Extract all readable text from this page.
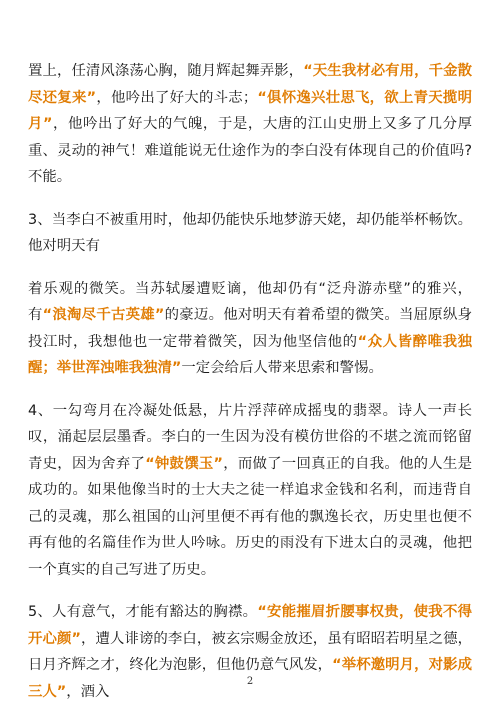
置上，任清风涤荡心胸，随月辉起舞弄影，“天生我材必有用，千金散尽还复来”，他吟出了好大的斗志；“俱怀逸兴壮思飞，欲上青天揽明月”，他吟出了好大的气魄，于是，大唐的江山史册上又多了几分厚重、灵动的神气！难道能说无仕途作为的李白没有体现自己的价值吗?不能。

3、当李白不被重用时，他却仍能快乐地梦游天姥，却仍能举杯畅饮。他对明天有

着乐观的微笑。当苏轼屡遭贬谪，他却仍有“泛舟游赤壁”的雅兴，有“浪淘尽千古英雄”的豪迈。他对明天有着希望的微笑。当屈原纵身投江时，我想他也一定带着微笑，因为他坚信他的“众人皆醉唯我独醒；举世浑浊唯我独清”一定会给后人带来思索和警惕。

4、一勾弯月在冷凝处低悬，片片浮萍碎成摇曳的翡翠。诗人一声长叹，涌起层层墨香。李白的一生因为没有模仿世俗的不堪之流而铭留青史，因为舍弃了“钟鼓馔玉”，而做了一回真正的自我。他的人生是成功的。如果他像当时的士大夫之徒一样追求金钱和名利，而违背自己的灵魂，那么祖国的山河里便不再有他的飘逸长衣，历史里也便不再有他的名篇佳作为世人吟咏。历史的雨没有下进太白的灵魂，他把一个真实的自己写进了历史。

5、人有意气，才能有豁达的胸襟。“安能摧眉折腰事权贵，使我不得开心颜”，遭人诽谤的李白，被玄宗赐金放还，虽有昭昭若明星之德，日月齐辉之才，终化为泡影，但他仍意气风发，“举杯邀明月，对影成三人”，酒入

2
